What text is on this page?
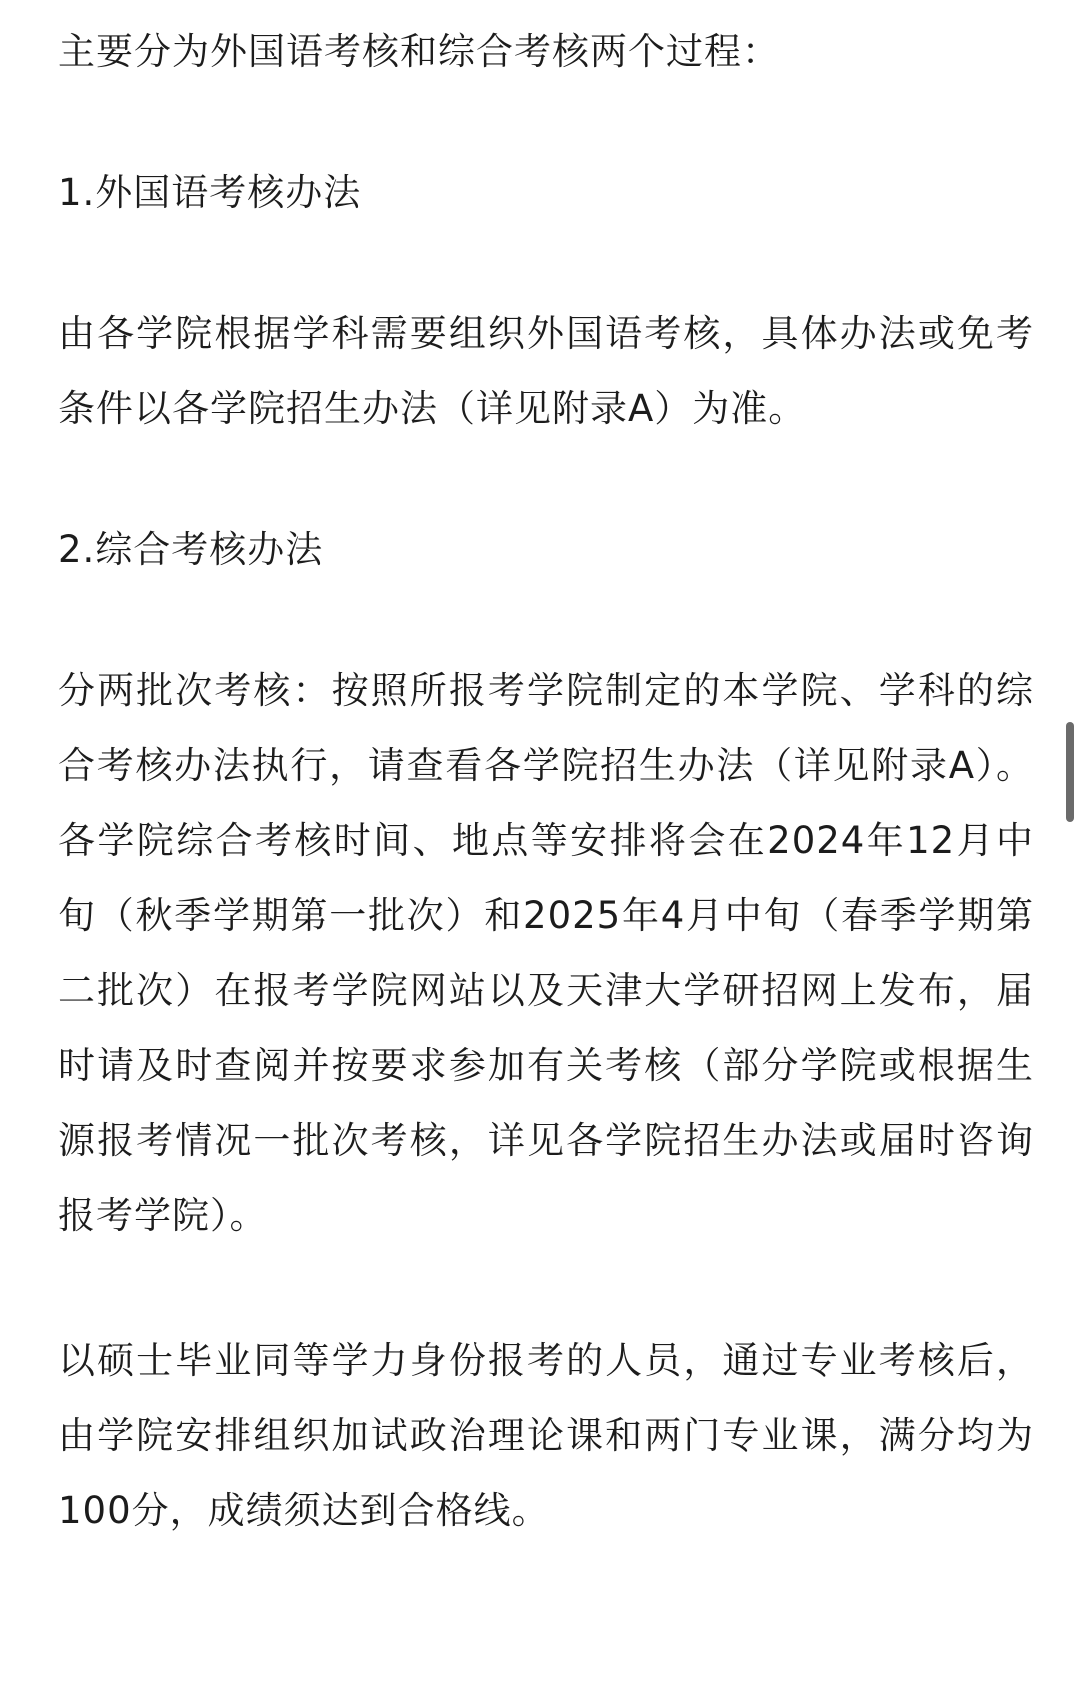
主要分为外国语考核和综合考核两个过程：

1.外国语考核办法

由各学院根据学科需要组织外国语考核，具体办法或免考条件以各学院招生办法（详见附录A）为准。

2.综合考核办法

分两批次考核：按照所报考学院制定的本学院、学科的综合考核办法执行，请查看各学院招生办法（详见附录A）。各学院综合考核时间、地点等安排将会在2024年12月中旬（秋季学期第一批次）和2025年4月中旬（春季学期第二批次）在报考学院网站以及天津大学研招网上发布，届时请及时查阅并按要求参加有关考核（部分学院或根据生源报考情况一批次考核，详见各学院招生办法或届时咨询报考学院）。

以硕士毕业同等学力身份报考的人员，通过专业考核后，由学院安排组织加试政治理论课和两门专业课，满分均为100分，成绩须达到合格线。
